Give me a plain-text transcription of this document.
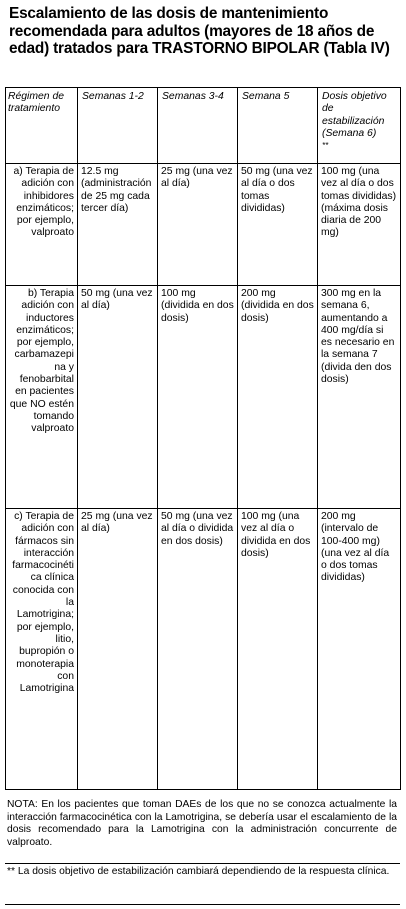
Escalamiento de las dosis de mantenimiento recomendada para adultos (mayores de 18 años de edad) tratados para TRASTORNO BIPOLAR (Tabla IV)
Régimen de tratamiento	Semanas 1-2	Semanas 3-4	Semana 5	Dosis objetivo de estabilización (Semana 6)
**
a) Terapia de adición con inhibidores enzimáticos; por ejemplo, valproato	12.5 mg (administración de 25 mg cada tercer día)	25 mg (una vez al día)	50 mg (una vez al día o dos tomas divididas)	100 mg (una vez al día o dos tomas divididas) (máxima dosis diaria de 200 mg)
b) Terapia adición con inductores enzimáticos; por ejemplo, carbamazepina y fenobarbital en pacientes que NO estén tomando valproato	50 mg (una vez al día)	100 mg (dividida en dos dosis)	200 mg (dividida en dos dosis)	300 mg en la semana 6, aumentando a 400 mg/día si es necesario en la semana 7 (divida den dos dosis)
c) Terapia de adición con fármacos sin interacción farmacocinética clínica conocida con la Lamotrigina; por ejemplo, litio, bupropión o monoterapia con Lamotrigina	25 mg (una vez al día)	50 mg (una vez al día o dividida en dos dosis)	100 mg (una vez al día o dividida en dos dosis)	200 mg (intervalo de 100-400 mg) (una vez al día o dos tomas divididas)
NOTA: En los pacientes que toman DAEs de los que no se conozca actualmente la interacción farmacocinética con la Lamotrigina, se debería usar el escalamiento de la dosis recomendado para la Lamotrigina con la administración concurrente de valproato.
** La dosis objetivo de estabilización cambiará dependiendo de la respuesta clínica.
